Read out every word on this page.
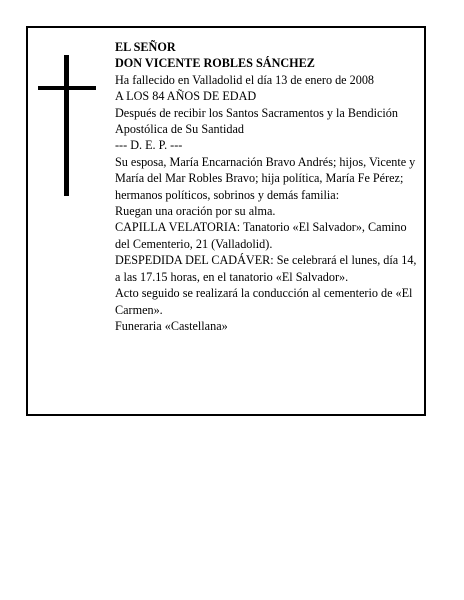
EL SEÑOR

DON VICENTE ROBLES SÁNCHEZ

Ha fallecido en Valladolid el día 13 de enero de 2008

A LOS 84 AÑOS DE EDAD

Después de recibir los Santos Sacramentos y la Bendición Apostólica de Su Santidad

--- D. E. P. ---

Su esposa, María Encarnación Bravo Andrés; hijos, Vicente y María del Mar Robles Bravo; hija política, María Fe Pérez; hermanos políticos, sobrinos y demás familia:

Ruegan una oración por su alma.

CAPILLA VELATORIA: Tanatorio «El Salvador», Camino del Cementerio, 21 (Valladolid).

DESPEDIDA DEL CADÁVER: Se celebrará el lunes, día 14, a las 17.15 horas, en el tanatorio «El Salvador».

Acto seguido se realizará la conducción al cementerio de «El Carmen».

Funeraria «Castellana»
